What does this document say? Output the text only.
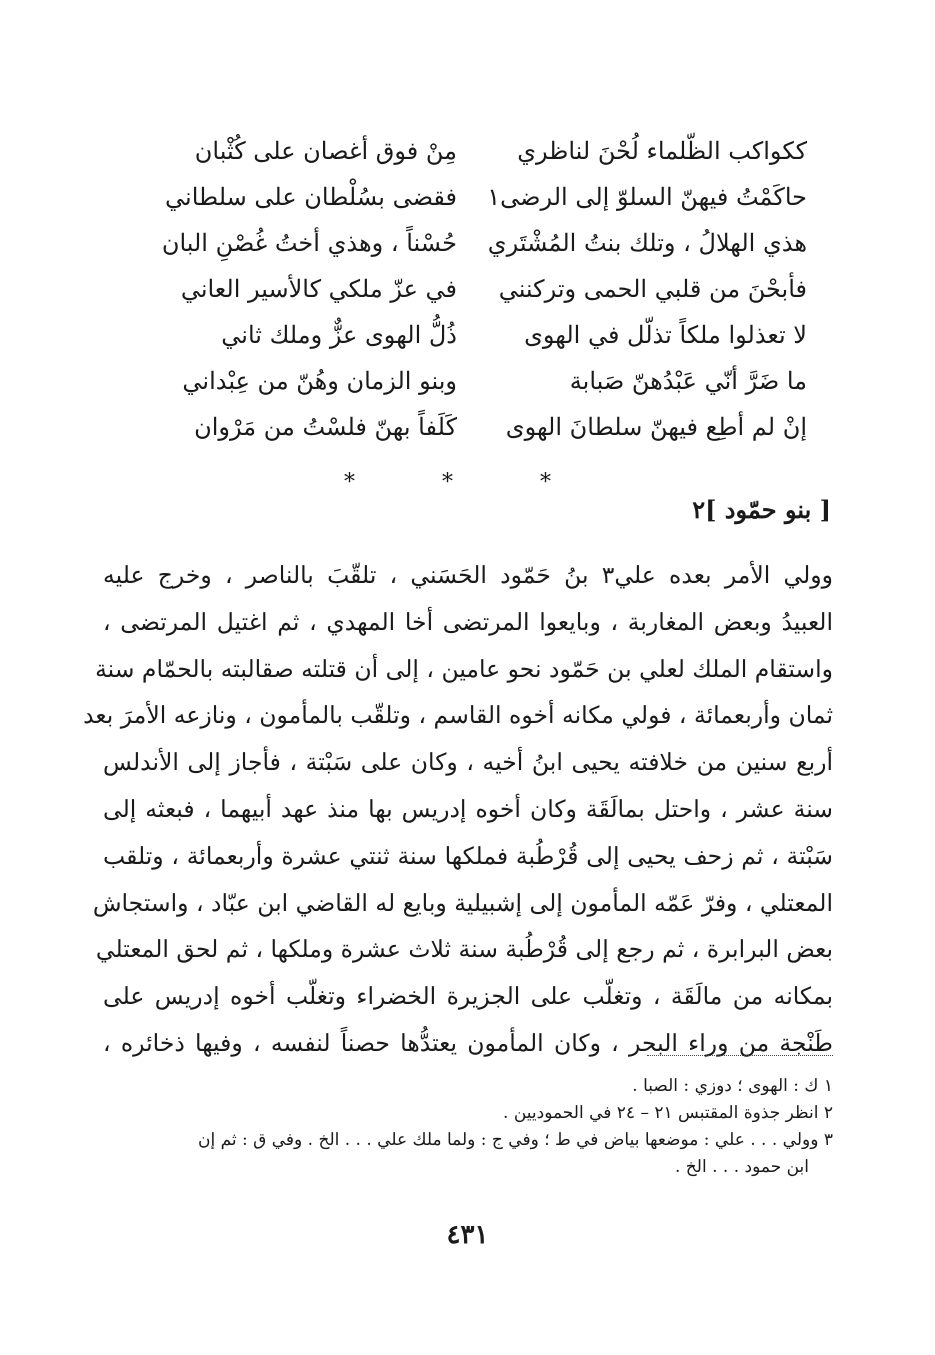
ككواكب الظّلماء لُحْنَ لناظري
مِنْ فوق أغصان على كُثْبان
حاكَمْتُ فيهنّ السلوّ إلى الرضى١
فقضى بسُلْطان على سلطاني
هذي الهلالُ ، وتلك بنتُ المُشْتَري
حُسْناً ، وهذي أختُ غُصْنِ البان
فأبحْنَ من قلبي الحمى وتركنني
في عزّ ملكي كالأسير العاني
لا تعذلوا ملكاً تذلّل في الهوى
ذُلُّ الهوى عزٌّ وملك ثاني
ما ضَرَّ أنّي عَبْدُهنّ صَبابة
وبنو الزمان وهُنّ من عِبْداني
إنْ لم أطِع فيهنّ سلطانَ الهوى
كَلَفاً بهنّ فلسْتُ من مَرْوان
* * *
[ بنو حمّود ]٢
وولي الأمر بعده علي٣ بنُ حَمّود الحَسَني ، تلقّبَ بالناصر ، وخرج عليه
العبيدُ وبعض المغاربة ، وبايعوا المرتضى أخا المهدي ، ثم اغتيل المرتضى ،
واستقام الملك لعلي بن حَمّود نحو عامين ، إلى أن قتلته صقالبته بالحمّام سنة
ثمان وأربعمائة ، فولي مكانه أخوه القاسم ، وتلقّب بالمأمون ، ونازعه الأمرَ بعد
أربع سنين من خلافته يحيى ابنُ أخيه ، وكان على سَبْتة ، فأجاز إلى الأندلس
سنة عشر ، واحتل بمالَقَة وكان أخوه إدريس بها منذ عهد أبيهما ، فبعثه إلى
سَبْتة ، ثم زحف يحيى إلى قُرْطُبة فملكها سنة ثنتي عشرة وأربعمائة ، وتلقب
المعتلي ، وفرّ عَمّه المأمون إلى إشبيلية وبايع له القاضي ابن عبّاد ، واستجاش
بعض البرابرة ، ثم رجع إلى قُرْطُبة سنة ثلاث عشرة وملكها ، ثم لحق المعتلي
بمكانه من مالَقَة ، وتغلّب على الجزيرة الخضراء وتغلّب أخوه إدريس على
طَنْجة من وراء البحر ، وكان المأمون يعتدُّها حصناً لنفسه ، وفيها ذخائره ،
١ ك : الهوى ؛ دوزي : الصبا .
٢ انظر جذوة المقتبس ٢١ – ٢٤ في الحموديين .
٣ وولي . . . علي : موضعها بياض في ط ؛ وفي ج : ولما ملك علي . . . الخ . وفي ق : ثم إن
ابن حمود . . . الخ .
٤٣١
